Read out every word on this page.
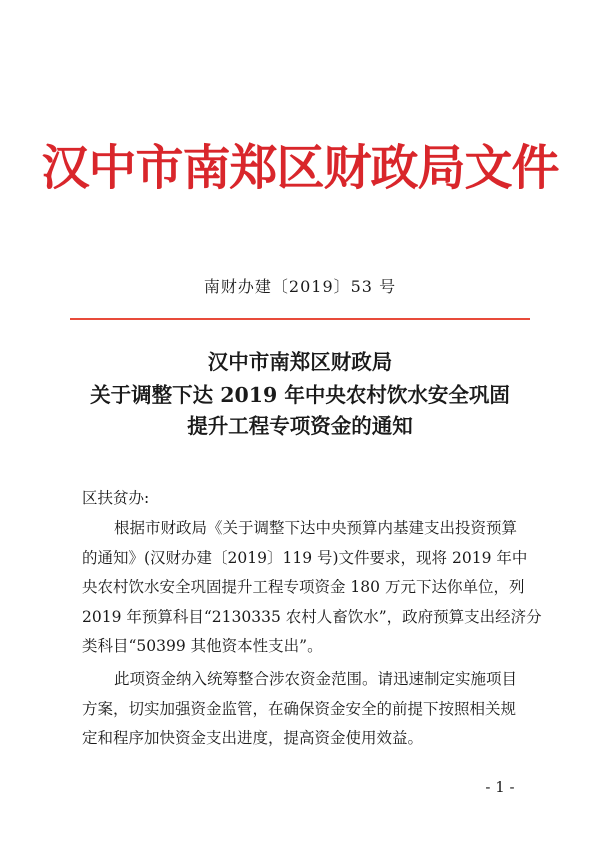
汉中市南郑区财政局文件
南财办建〔2019〕53 号
汉中市南郑区财政局
关于调整下达 2019 年中央农村饮水安全巩固
提升工程专项资金的通知
区扶贫办:
根据市财政局《关于调整下达中央预算内基建支出投资预算
的通知》(汉财办建〔2019〕119 号)文件要求，现将 2019 年中
央农村饮水安全巩固提升工程专项资金 180 万元下达你单位，列
2019 年预算科目“2130335 农村人畜饮水”，政府预算支出经济分
类科目“50399 其他资本性支出”。
此项资金纳入统筹整合涉农资金范围。请迅速制定实施项目
方案，切实加强资金监管，在确保资金安全的前提下按照相关规
定和程序加快资金支出进度，提高资金使用效益。
- 1 -
